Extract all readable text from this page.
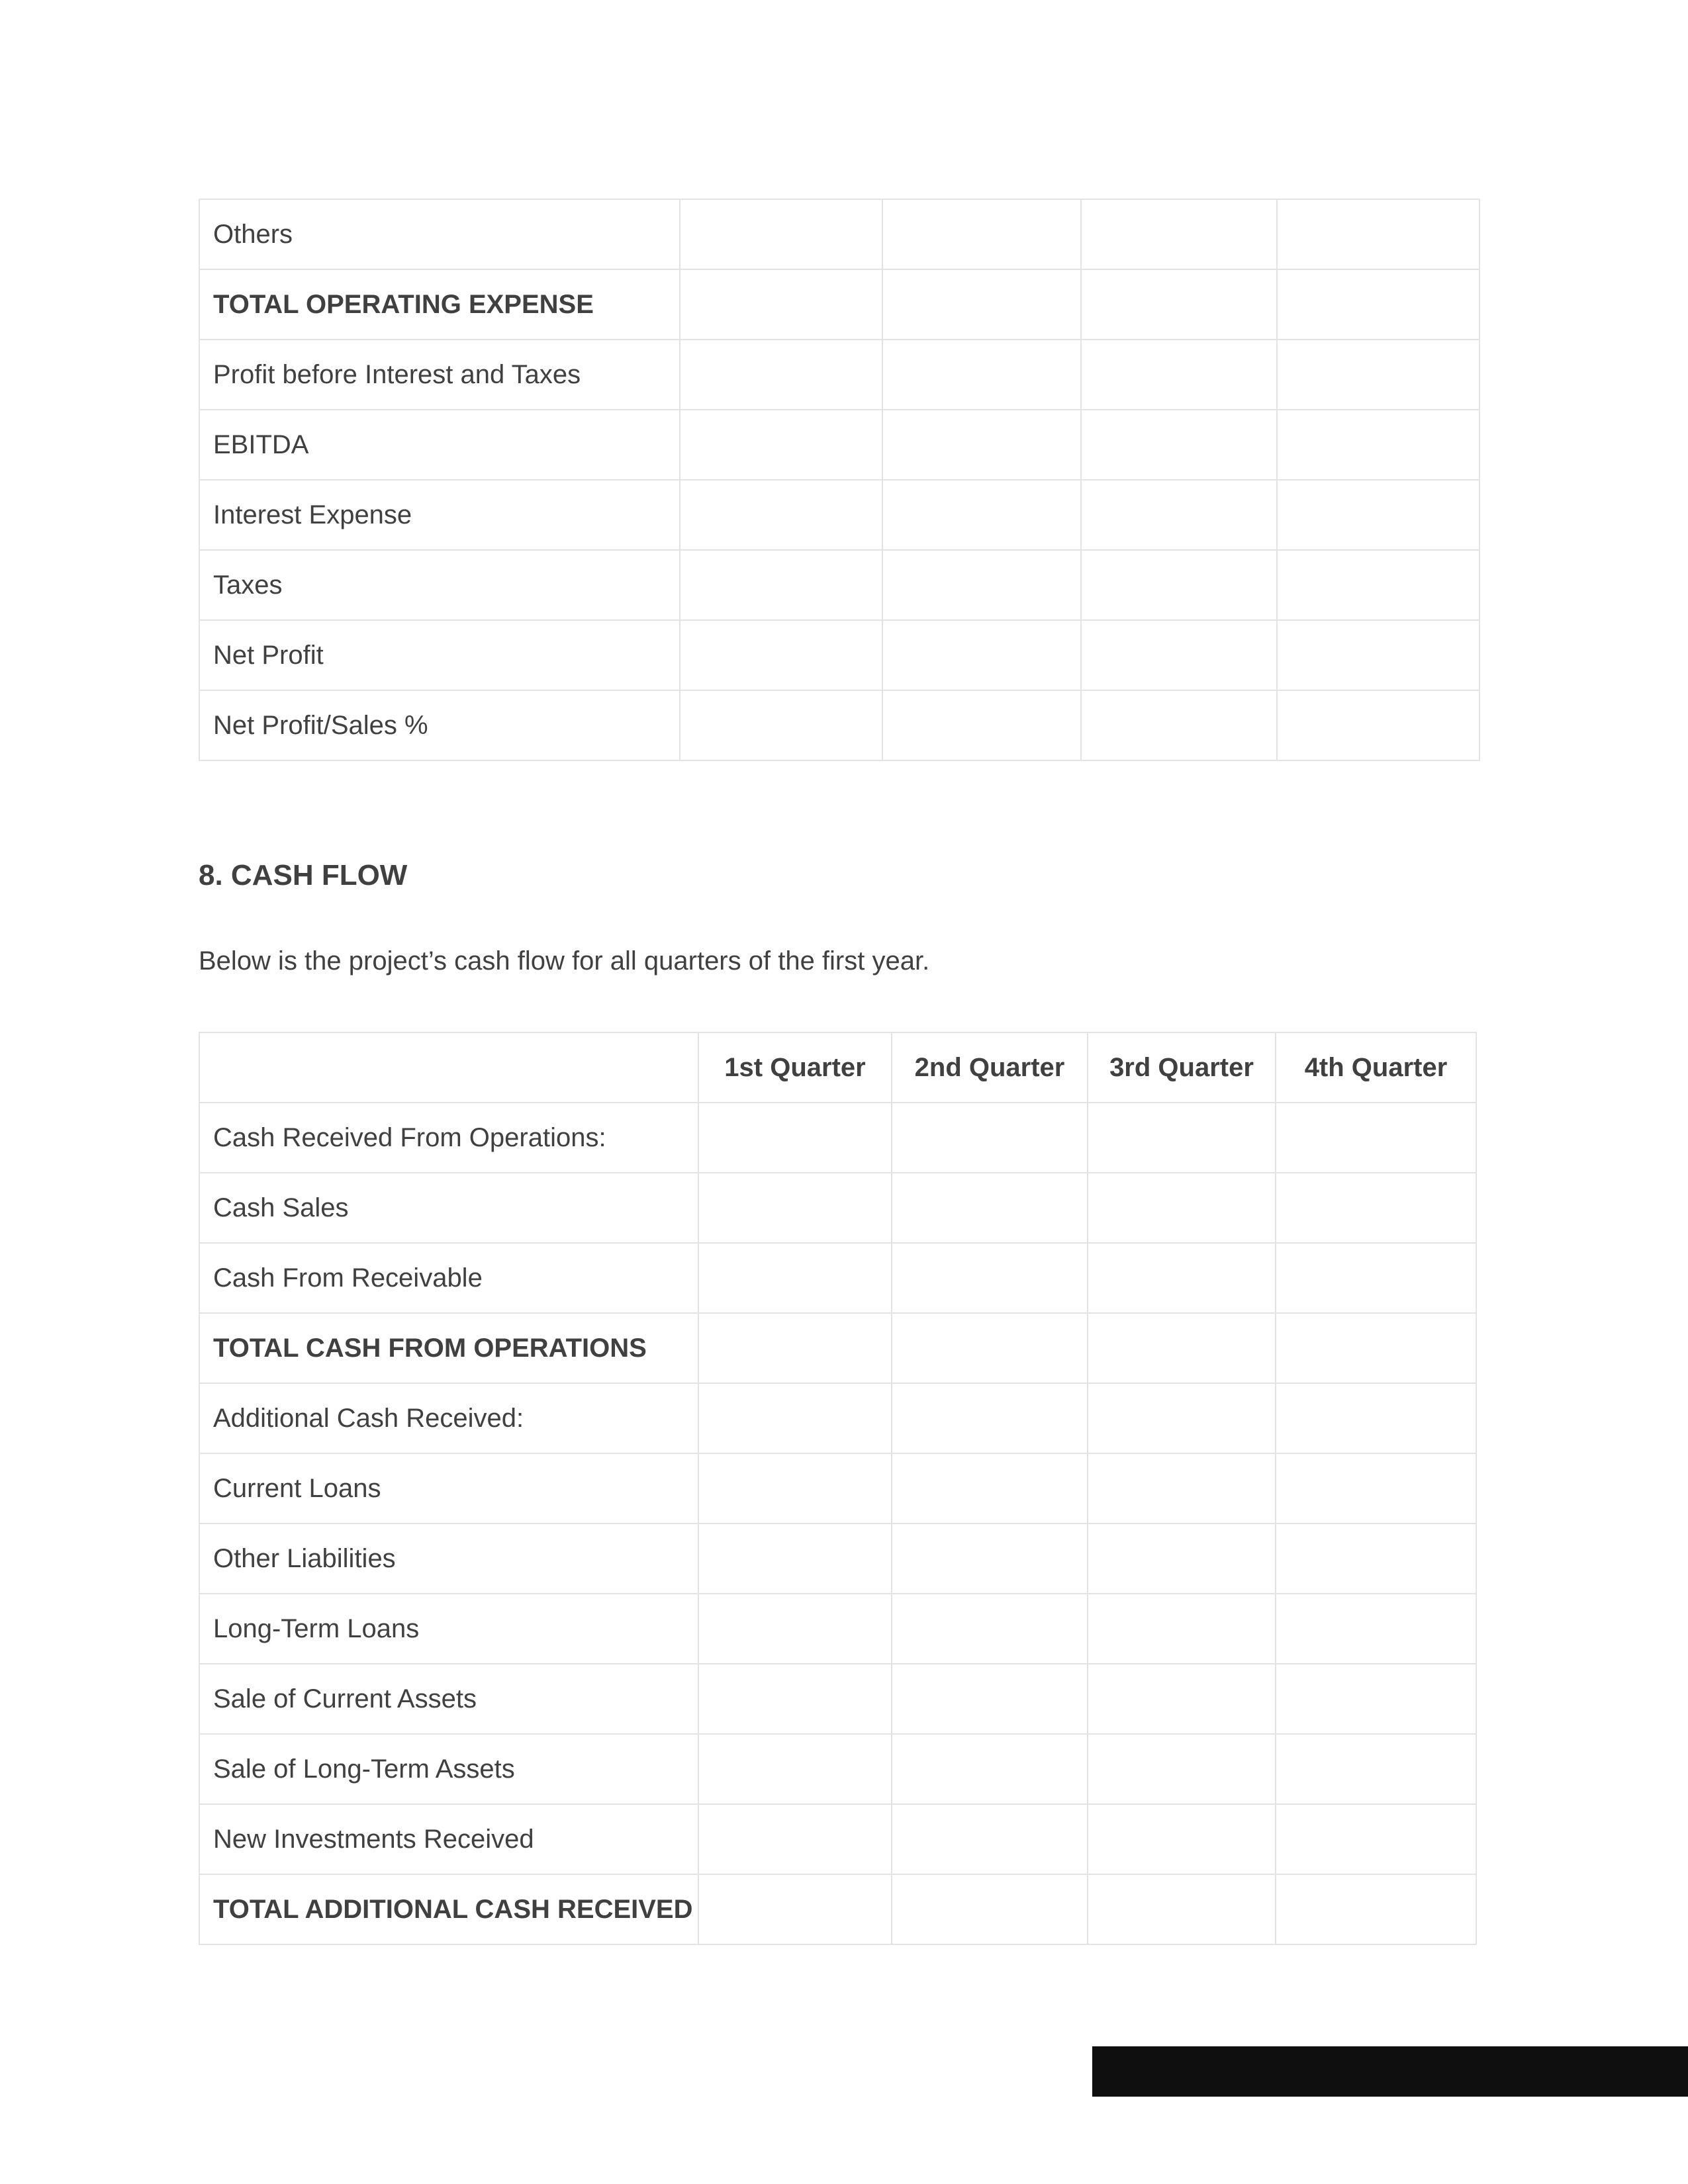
Others				
TOTAL OPERATING EXPENSE				
Profit before Interest and Taxes				
EBITDA				
Interest Expense				
Taxes				
Net Profit				
Net Profit/Sales %				
8. CASH FLOW

Below is the project’s cash flow for all quarters of the first year.

	1st Quarter	2nd Quarter	3rd Quarter	4th Quarter
Cash Received From Operations:				
Cash Sales				
Cash From Receivable				
TOTAL CASH FROM OPERATIONS				
Additional Cash Received:				
Current Loans				
Other Liabilities				
Long-Term Loans				
Sale of Current Assets				
Sale of Long-Term Assets				
New Investments Received				
TOTAL ADDITIONAL CASH RECEIVED				
